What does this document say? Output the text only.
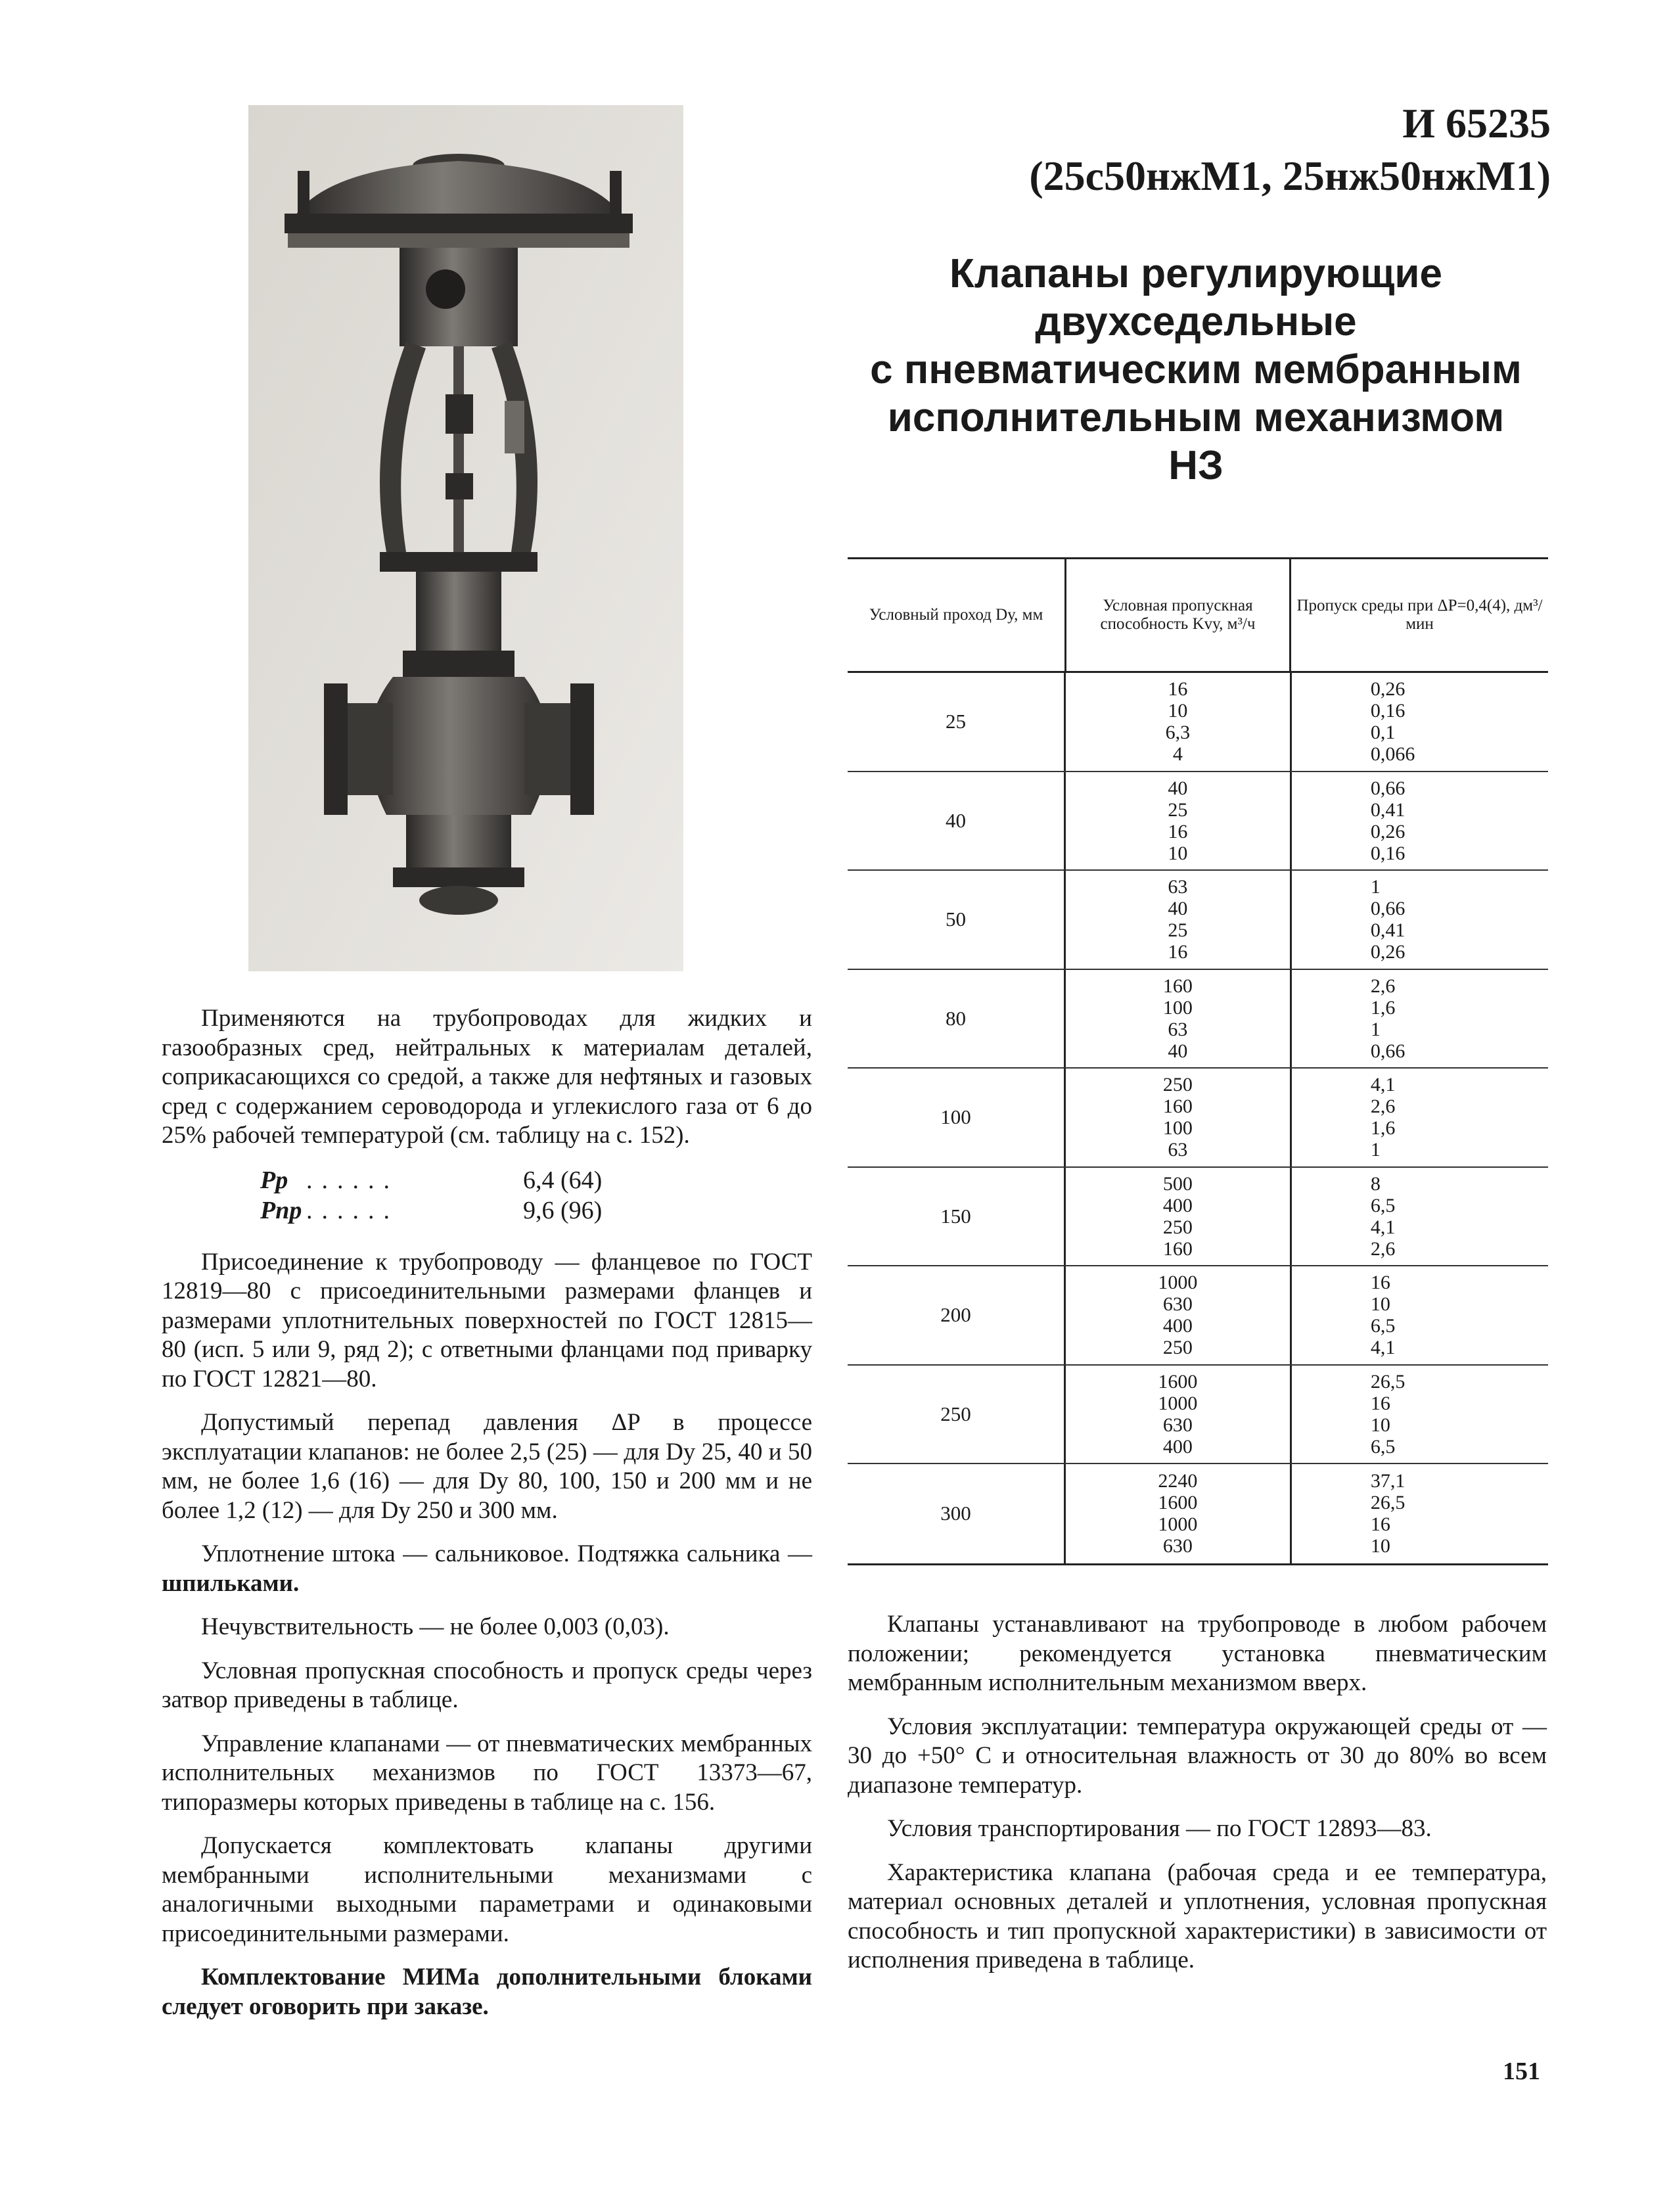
И 65235
(25с50нжМ1, 25нж50нжМ1)
Клапаны регулирующие
двухседельные
с пневматическим мембранным
исполнительным механизмом
НЗ
Условный проход Dу, мм
Условная пропускная способность Kvу, м³/ч
Пропуск среды при ΔP=0,4(4), дм³/мин
25
16
10
6,3
4
0,26
0,16
0,1
0,066
40
40
25
16
10
0,66
0,41
0,26
0,16
50
63
40
25
16
1
0,66
0,41
0,26
80
160
100
63
40
2,6
1,6
1
0,66
100
250
160
100
63
4,1
2,6
1,6
1
150
500
400
250
160
8
6,5
4,1
2,6
200
1000
630
400
250
16
10
6,5
4,1
250
1600
1000
630
400
26,5
16
10
6,5
300
2240
1600
1000
630
37,1
26,5
16
10

Применяются на трубопроводах для жидких и газообразных сред, нейтральных к материалам деталей, соприкасающихся со средой, а также для нефтяных и газовых сред с содержанием сероводорода и углекислого газа от 6 до 25% рабочей температурой (см. таблицу на с. 152).

Pр ......	6,4 (64)
Pпр ......	9,6 (96)

Присоединение к трубопроводу — фланцевое по ГОСТ 12819—80 с присоединительными размерами фланцев и размерами уплотнительных поверхностей по ГОСТ 12815—80 (исп. 5 или 9, ряд 2); с ответными фланцами под приварку по ГОСТ 12821—80.

Допустимый перепад давления ΔP в процессе эксплуатации клапанов: не более 2,5 (25) — для Dу 25, 40 и 50 мм, не более 1,6 (16) — для Dу 80, 100, 150 и 200 мм и не более 1,2 (12) — для Dу 250 и 300 мм.

Уплотнение штока — сальниковое. Подтяжка сальника — шпильками.

Нечувствительность — не более 0,003 (0,03).

Условная пропускная способность и пропуск среды через затвор приведены в таблице.

Управление клапанами — от пневматических мембранных исполнительных механизмов по ГОСТ 13373—67, типоразмеры которых приведены в таблице на с. 156.

Допускается комплектовать клапаны другими мембранными исполнительными механизмами с аналогичными выходными параметрами и одинаковыми присоединительными размерами.

Комплектование МИМа дополнительными блоками следует оговорить при заказе.

Клапаны устанавливают на трубопроводе в любом рабочем положении; рекомендуется установка пневматическим мембранным исполнительным механизмом вверх.

Условия эксплуатации: температура окружающей среды от —30 до +50° C и относительная влажность от 30 до 80% во всем диапазоне температур.

Условия транспортирования — по ГОСТ 12893—83.

Характеристика клапана (рабочая среда и ее температура, материал основных деталей и уплотнения, условная пропускная способность и тип пропускной характеристики) в зависимости от исполнения приведена в таблице.

151
